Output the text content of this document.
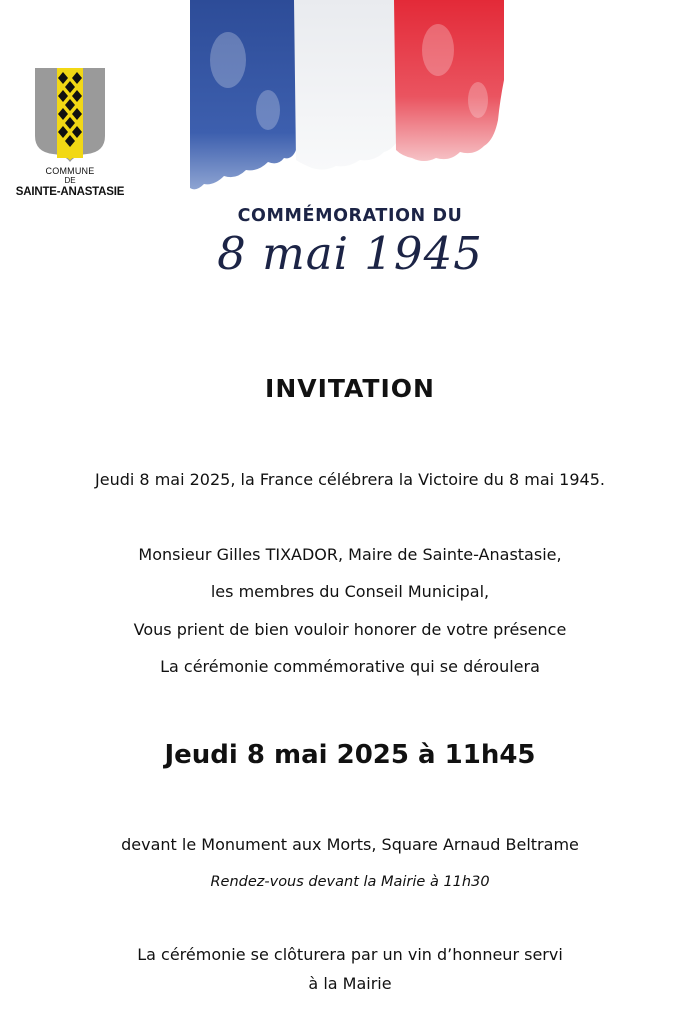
COMMUNE
DE
SAINTE-ANASTASIE
COMMÉMORATION DU
8 mai 1945
INVITATION
Jeudi 8 mai 2025, la France célébrera la Victoire du 8 mai 1945.
Monsieur Gilles TIXADOR, Maire de Sainte-Anastasie,
les membres du Conseil Municipal,
Vous prient de bien vouloir honorer de votre présence
La cérémonie commémorative qui se déroulera
Jeudi 8 mai 2025 à 11h45
devant le Monument aux Morts, Square Arnaud Beltrame
Rendez-vous devant la Mairie à 11h30
La cérémonie se clôturera par un vin d’honneur servi
à la Mairie
